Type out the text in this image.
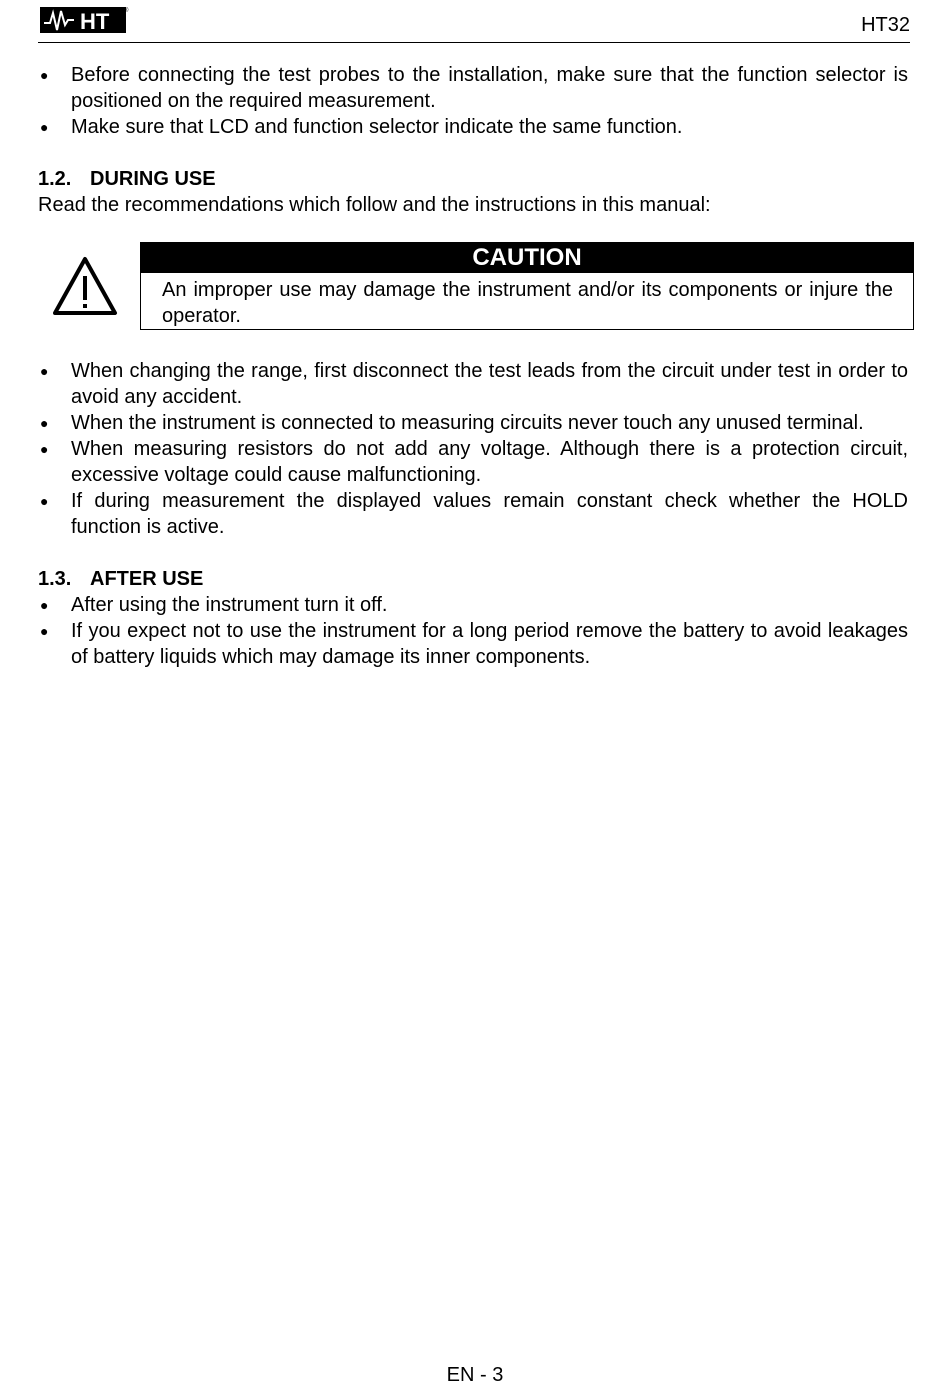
HT ®
HT32
● Before connecting the test probes to the installation, make sure that the function selector is positioned on the required measurement.
● Make sure that LCD and function selector indicate the same function.
1.2. DURING USE
Read the recommendations which follow and the instructions in this manual:
CAUTION
An improper use may damage the instrument and/or its components or injure the operator.
● When changing the range, first disconnect the test leads from the circuit under test in order to avoid any accident.
● When the instrument is connected to measuring circuits never touch any unused terminal.
● When measuring resistors do not add any voltage. Although there is a protection circuit, excessive voltage could cause malfunctioning.
● If during measurement the displayed values remain constant check whether the HOLD function is active.
1.3. AFTER USE
● After using the instrument turn it off.
● If you expect not to use the instrument for a long period remove the battery to avoid leakages of battery liquids which may damage its inner components.
EN - 3
